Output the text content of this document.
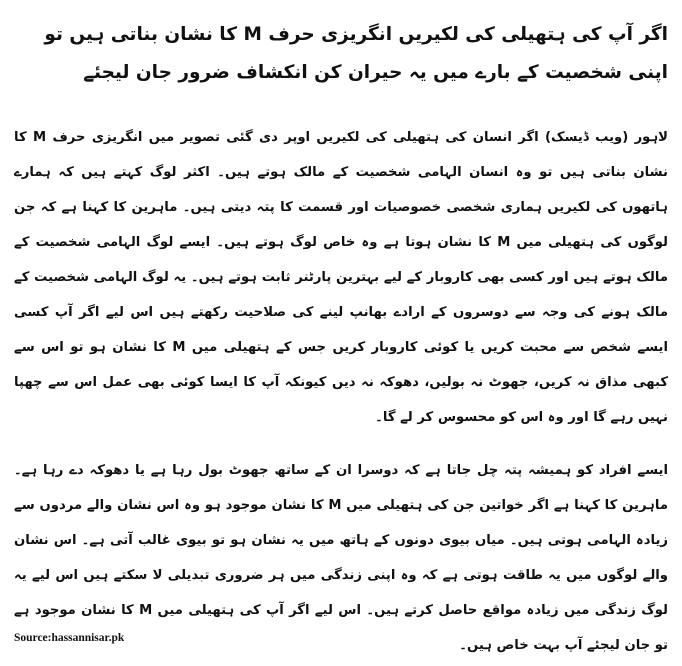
اگر آپ کی ہتھیلی کی لکیریں انگریزی حرف M کا نشان بناتی ہیں تو اپنی شخصیت کے بارے میں یہ حیران کن انکشاف ضرور جان لیجئے

لاہور (ویب ڈیسک) اگر انسان کی ہتھیلی کی لکیریں اوپر دی گئی تصویر میں انگریزی حرف M کا نشان بناتی ہیں تو وہ انسان الہامی شخصیت کے مالک ہوتے ہیں۔ اکثر لوگ کہتے ہیں کہ ہمارے ہاتھوں کی لکیریں ہماری شخصی خصوصیات اور قسمت کا پتہ دیتی ہیں۔ ماہرین کا کہنا ہے کہ جن لوگوں کی ہتھیلی میں M کا نشان ہوتا ہے وہ خاص لوگ ہوتے ہیں۔ ایسے لوگ الہامی شخصیت کے مالک ہوتے ہیں اور کسی بھی کاروبار کے لیے بہترین پارٹنر ثابت ہوتے ہیں۔ یہ لوگ الہامی شخصیت کے مالک ہونے کی وجہ سے دوسروں کے ارادے بھانپ لینے کی صلاحیت رکھتے ہیں اس لیے اگر آپ کسی ایسے شخص سے محبت کریں یا کوئی کاروبار کریں جس کے ہتھیلی میں M کا نشان ہو تو اس سے کبھی مذاق نہ کریں، جھوٹ نہ بولیں، دھوکہ نہ دیں کیونکہ آپ کا ایسا کوئی بھی عمل اس سے چھپا نہیں رہے گا اور وہ اس کو محسوس کر لے گا۔

ایسے افراد کو ہمیشہ پتہ چل جاتا ہے کہ دوسرا ان کے ساتھ جھوٹ بول رہا ہے یا دھوکہ دے رہا ہے۔ ماہرین کا کہنا ہے اگر خواتین جن کی ہتھیلی میں M کا نشان موجود ہو وہ اس نشان والے مردوں سے زیادہ الہامی ہوتی ہیں۔ میاں بیوی دونوں کے ہاتھ میں یہ نشان ہو تو بیوی غالب آتی ہے۔ اس نشان والے لوگوں میں یہ طاقت ہوتی ہے کہ وہ اپنی زندگی میں ہر ضروری تبدیلی لا سکتے ہیں اس لیے یہ لوگ زندگی میں زیادہ مواقع حاصل کرتے ہیں۔ اس لیے اگر آپ کی ہتھیلی میں M کا نشان موجود ہے تو جان لیجئے آپ بہت خاص ہیں۔

Source:hassannisar.pk
